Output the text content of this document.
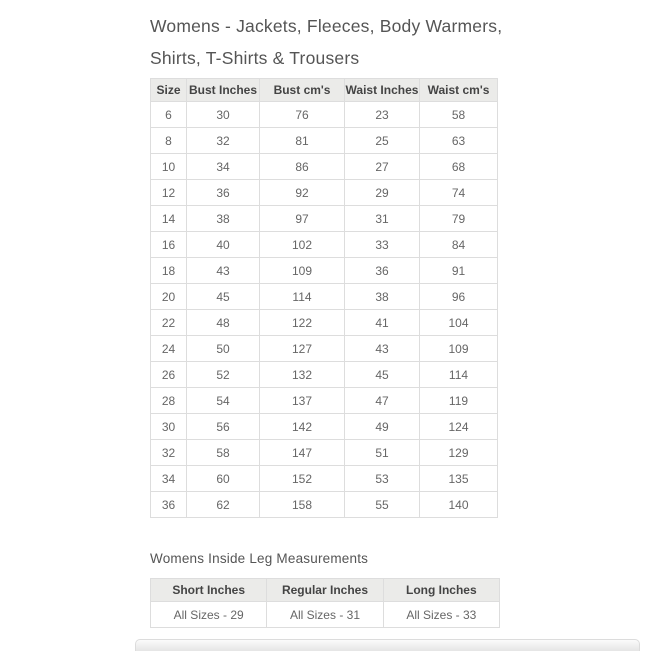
Womens - Jackets, Fleeces, Body Warmers,
Shirts, T-Shirts & Trousers
Size	Bust Inches	Bust cm's	Waist Inches	Waist cm's
6	30	76	23	58
8	32	81	25	63
10	34	86	27	68
12	36	92	29	74
14	38	97	31	79
16	40	102	33	84
18	43	109	36	91
20	45	114	38	96
22	48	122	41	104
24	50	127	43	109
26	52	132	45	114
28	54	137	47	119
30	56	142	49	124
32	58	147	51	129
34	60	152	53	135
36	62	158	55	140
Womens Inside Leg Measurements
Short Inches	Regular Inches	Long Inches
All Sizes - 29	All Sizes - 31	All Sizes - 33
